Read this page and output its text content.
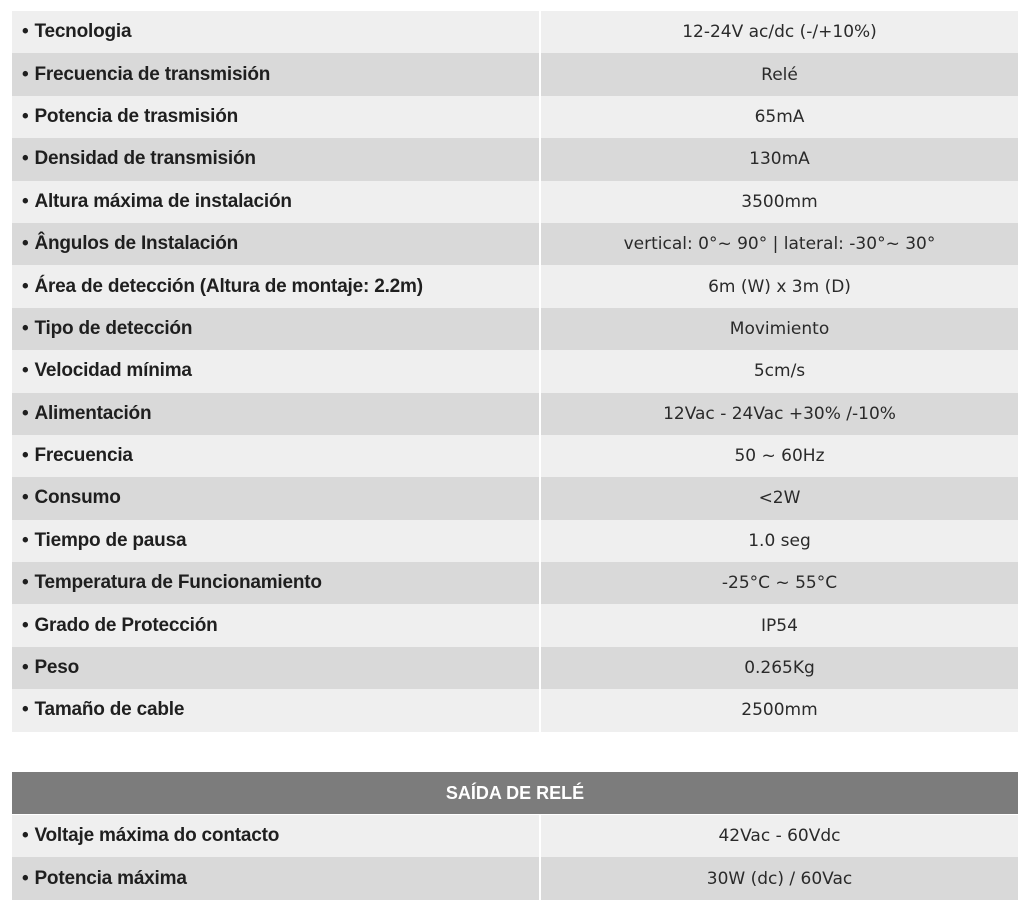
• Tecnologia	12-24V ac/dc (-/+10%)
• Frecuencia de transmisión	Relé
• Potencia de trasmisión	65mA
• Densidad de transmisión	130mA
• Altura máxima de instalación	3500mm
• Ângulos de Instalación	vertical: 0°~ 90° | lateral: -30°~ 30°
• Área de detección (Altura de montaje: 2.2m)	6m (W) x 3m (D)
• Tipo de detección	Movimiento
• Velocidad mínima	5cm/s
• Alimentación	12Vac - 24Vac +30% /-10%
• Frecuencia	50 ~ 60Hz
• Consumo	<2W
• Tiempo de pausa	1.0 seg
• Temperatura de Funcionamiento	-25°C ~ 55°C
• Grado de Protección	IP54
• Peso	0.265Kg
• Tamaño de cable	2500mm
SAÍDA DE RELÉ
• Voltaje máxima do contacto	42Vac - 60Vdc
• Potencia máxima	30W (dc) / 60Vac
